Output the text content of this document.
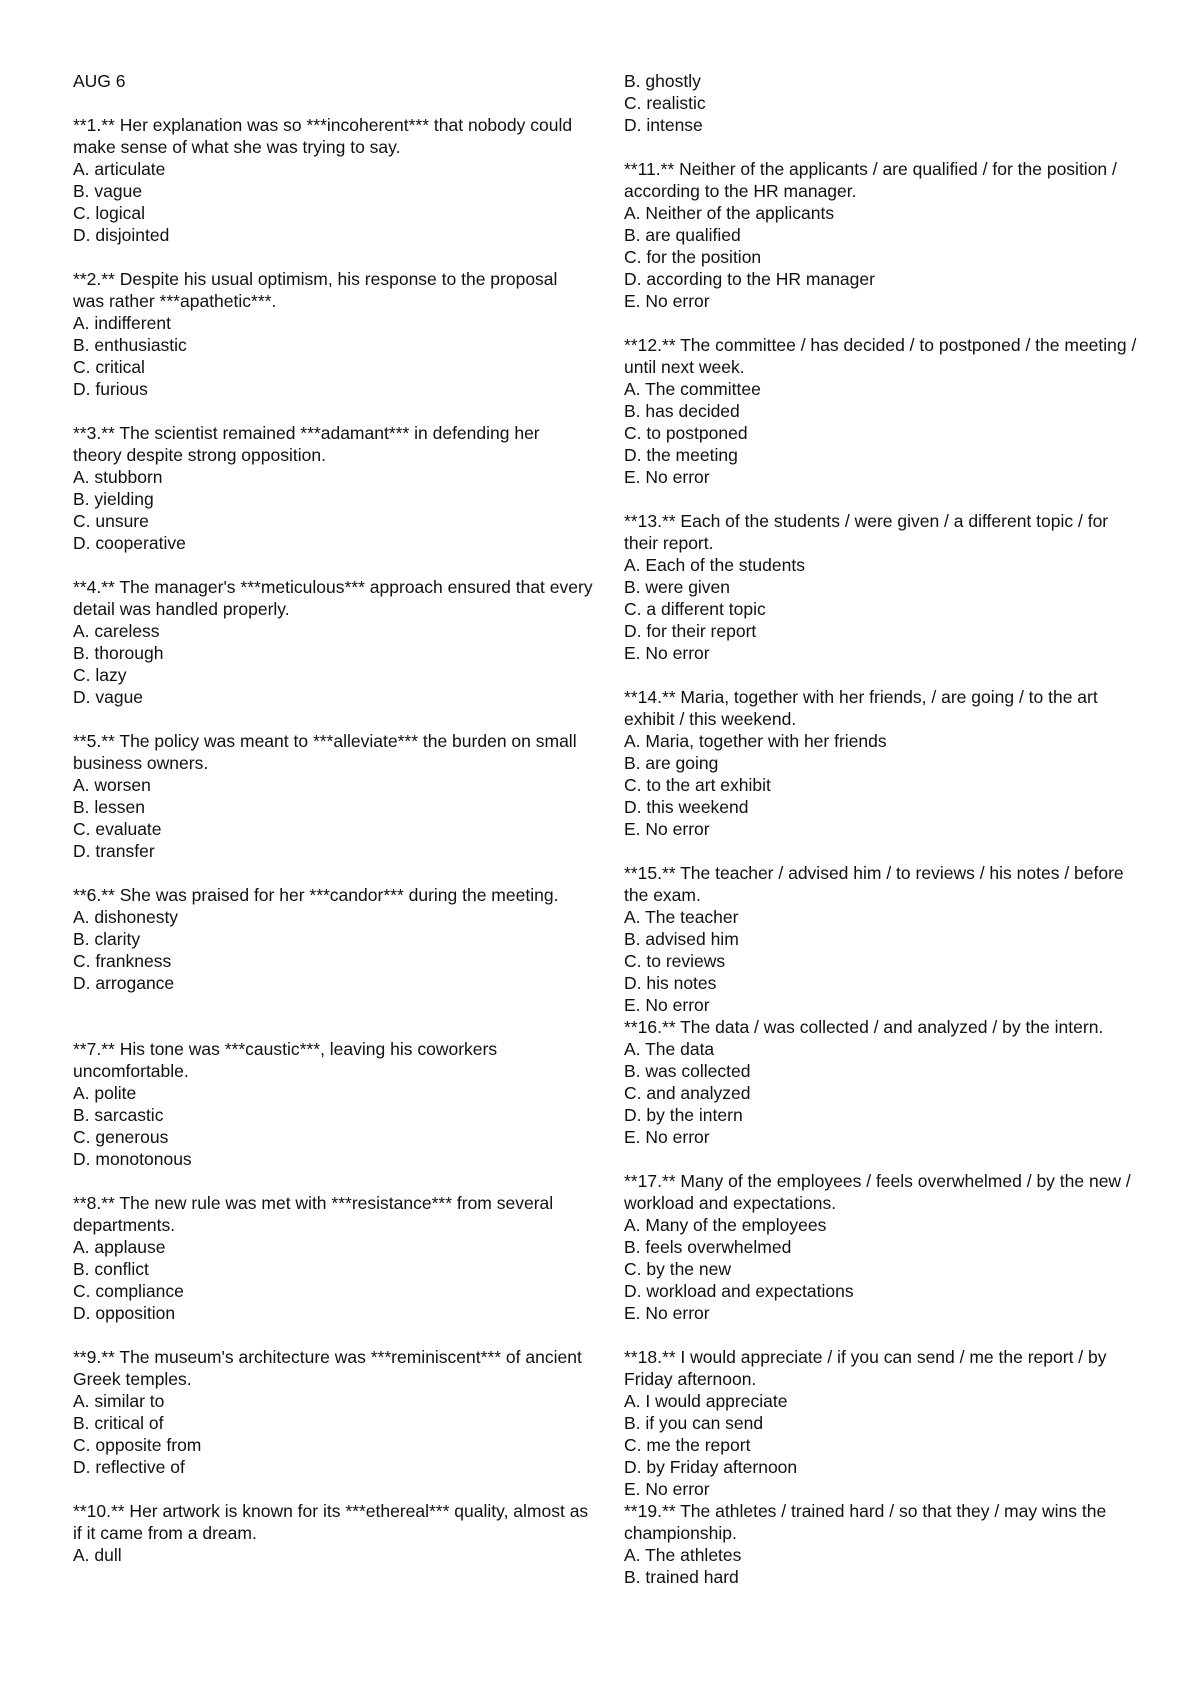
AUG 6
**1.** Her explanation was so ***incoherent*** that nobody could make sense of what she was trying to say.
A. articulate
B. vague
C. logical
D. disjointed
**2.** Despite his usual optimism, his response to the proposal was rather ***apathetic***.
A. indifferent
B. enthusiastic
C. critical
D. furious
**3.** The scientist remained ***adamant*** in defending her theory despite strong opposition.
A. stubborn
B. yielding
C. unsure
D. cooperative
**4.** The manager's ***meticulous*** approach ensured that every detail was handled properly.
A. careless
B. thorough
C. lazy
D. vague
**5.** The policy was meant to ***alleviate*** the burden on small business owners.
A. worsen
B. lessen
C. evaluate
D. transfer
**6.** She was praised for her ***candor*** during the meeting.
A. dishonesty
B. clarity
C. frankness
D. arrogance
**7.** His tone was ***caustic***, leaving his coworkers uncomfortable.
A. polite
B. sarcastic
C. generous
D. monotonous
**8.** The new rule was met with ***resistance*** from several departments.
A. applause
B. conflict
C. compliance
D. opposition
**9.** The museum's architecture was ***reminiscent*** of ancient Greek temples.
A. similar to
B. critical of
C. opposite from
D. reflective of
**10.** Her artwork is known for its ***ethereal*** quality, almost as if it came from a dream.
A. dull
B. ghostly
C. realistic
D. intense
**11.** Neither of the applicants / are qualified / for the position / according to the HR manager.
A. Neither of the applicants
B. are qualified
C. for the position
D. according to the HR manager
E. No error
**12.** The committee / has decided / to postponed / the meeting / until next week.
A. The committee
B. has decided
C. to postponed
D. the meeting
E. No error
**13.** Each of the students / were given / a different topic / for their report.
A. Each of the students
B. were given
C. a different topic
D. for their report
E. No error
**14.** Maria, together with her friends, / are going / to the art exhibit / this weekend.
A. Maria, together with her friends
B. are going
C. to the art exhibit
D. this weekend
E. No error
**15.** The teacher / advised him / to reviews / his notes / before the exam.
A. The teacher
B. advised him
C. to reviews
D. his notes
E. No error
**16.** The data / was collected / and analyzed / by the intern.
A. The data
B. was collected
C. and analyzed
D. by the intern
E. No error
**17.** Many of the employees / feels overwhelmed / by the new / workload and expectations.
A. Many of the employees
B. feels overwhelmed
C. by the new
D. workload and expectations
E. No error
**18.** I would appreciate / if you can send / me the report / by Friday afternoon.
A. I would appreciate
B. if you can send
C. me the report
D. by Friday afternoon
E. No error
**19.** The athletes / trained hard / so that they / may wins the championship.
A. The athletes
B. trained hard
